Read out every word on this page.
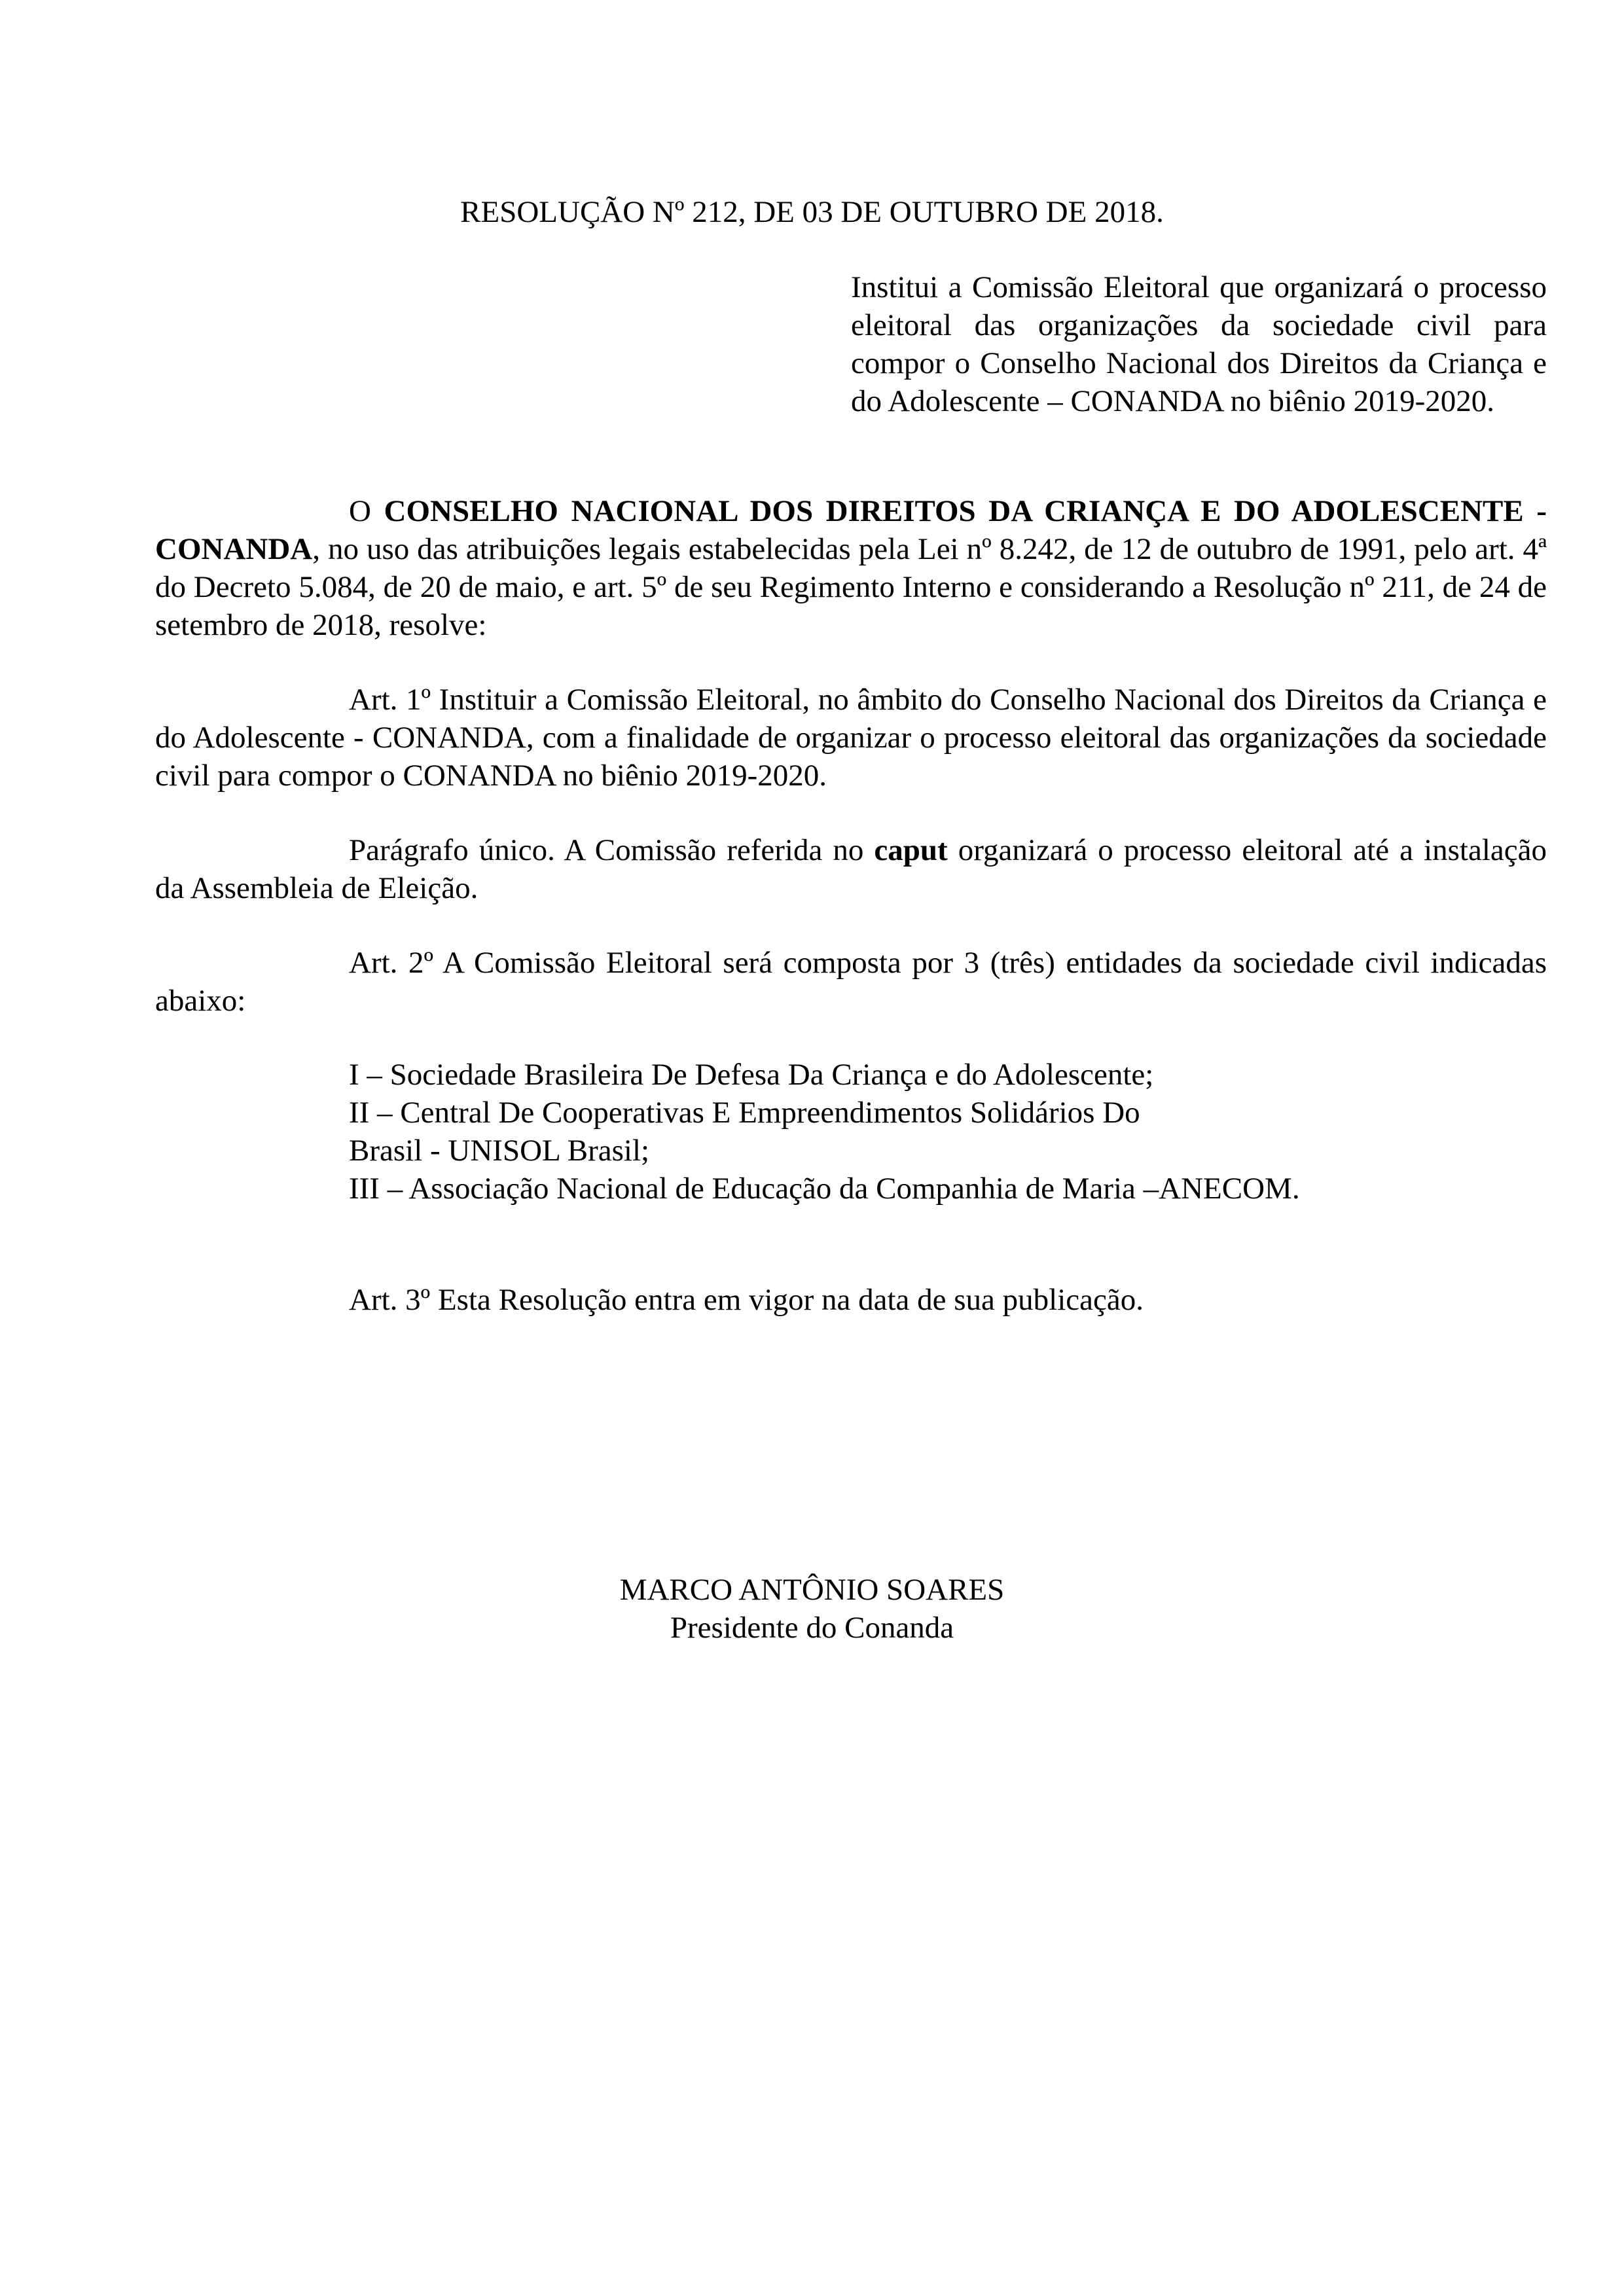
RESOLUÇÃO Nº 212, DE 03 DE OUTUBRO DE 2018.
Institui a Comissão Eleitoral que organizará o processo eleitoral das organizações da sociedade civil para compor o Conselho Nacional dos Direitos da Criança e do Adolescente – CONANDA no biênio 2019-2020.
O CONSELHO NACIONAL DOS DIREITOS DA CRIANÇA E DO ADOLESCENTE - CONANDA, no uso das atribuições legais estabelecidas pela Lei nº 8.242, de 12 de outubro de 1991, pelo art. 4ª do Decreto 5.084, de 20 de maio, e art. 5º de seu Regimento Interno e considerando a Resolução nº 211, de 24 de setembro de 2018, resolve:
Art. 1º Instituir a Comissão Eleitoral, no âmbito do Conselho Nacional dos Direitos da Criança e do Adolescente - CONANDA, com a finalidade de organizar o processo eleitoral das organizações da sociedade civil para compor o CONANDA no biênio 2019-2020.
Parágrafo único. A Comissão referida no caput organizará o processo eleitoral até a instalação da Assembleia de Eleição.
Art. 2º A Comissão Eleitoral será composta por 3 (três) entidades da sociedade civil indicadas abaixo:
I – Sociedade Brasileira De Defesa Da Criança e do Adolescente;
II – Central De Cooperativas E Empreendimentos Solidários Do
Brasil - UNISOL Brasil;
III – Associação Nacional de Educação da Companhia de Maria –ANECOM.
Art. 3º Esta Resolução entra em vigor na data de sua publicação.
MARCO ANTÔNIO SOARES
Presidente do Conanda
